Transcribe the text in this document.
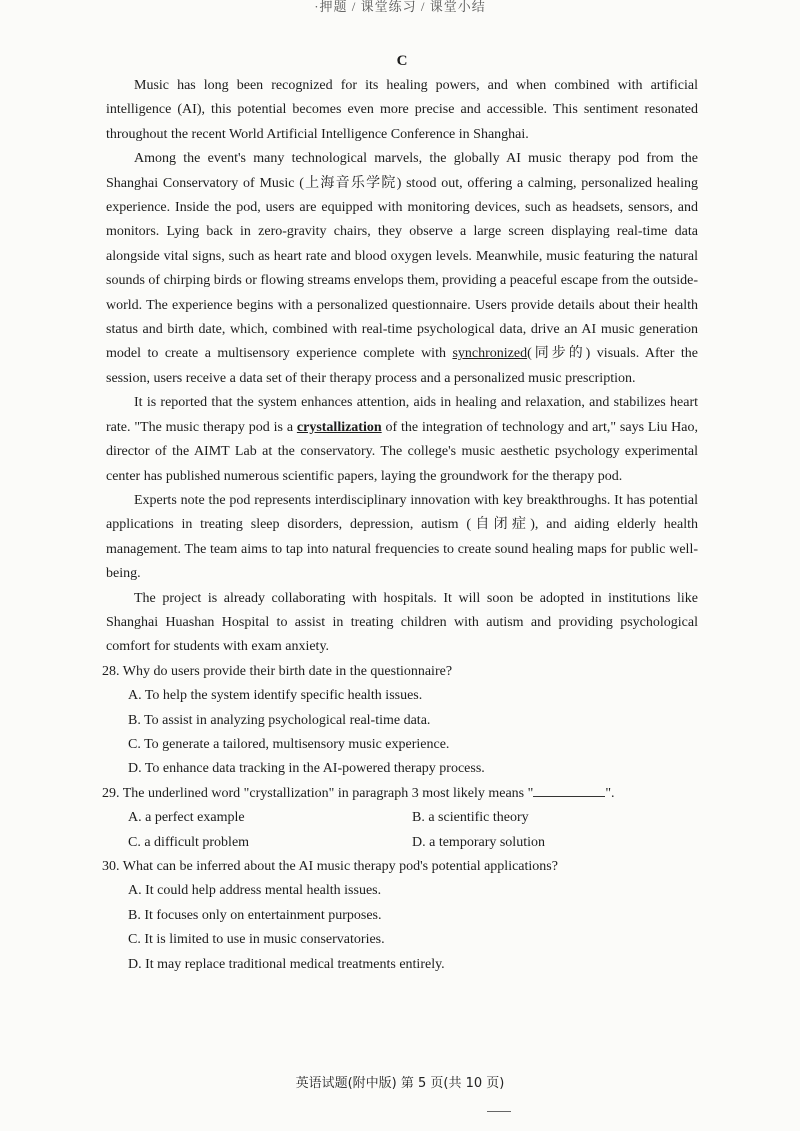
·押题 / 课堂练习 / 课堂小结
C

Music has long been recognized for its healing powers, and when combined with artificial intelligence (AI), this potential becomes even more precise and accessible. This sentiment resonated throughout the recent World Artificial Intelligence Conference in Shanghai.

Among the event's many technological marvels, the globally AI music therapy pod from the Shanghai Conservatory of Music (上海音乐学院) stood out, offering a calming, personalized healing experience. Inside the pod, users are equipped with monitoring devices, such as headsets, sensors, and monitors. Lying back in zero-gravity chairs, they observe a large screen displaying real-time data alongside vital signs, such as heart rate and blood oxygen levels. Meanwhile, music featuring the natural sounds of chirping birds or flowing streams envelops them, providing a peaceful escape from the outside-world. The experience begins with a personalized questionnaire. Users provide details about their health status and birth date, which, combined with real-time psychological data, drive an AI music generation model to create a multisensory experience complete with synchronized(同步的) visuals. After the session, users receive a data set of their therapy process and a personalized music prescription.

It is reported that the system enhances attention, aids in healing and relaxation, and stabilizes heart rate. "The music therapy pod is a crystallization of the integration of technology and art," says Liu Hao, director of the AIMT Lab at the conservatory. The college's music aesthetic psychology experimental center has published numerous scientific papers, laying the groundwork for the therapy pod.

Experts note the pod represents interdisciplinary innovation with key breakthroughs. It has potential applications in treating sleep disorders, depression, autism (自闭症), and aiding elderly health management. The team aims to tap into natural frequencies to create sound healing maps for public well-being.

The project is already collaborating with hospitals. It will soon be adopted in institutions like Shanghai Huashan Hospital to assist in treating children with autism and providing psychological comfort for students with exam anxiety.

28. Why do users provide their birth date in the questionnaire?

A. To help the system identify specific health issues.

B. To assist in analyzing psychological real-time data.

C. To generate a tailored, multisensory music experience.

D. To enhance data tracking in the AI-powered therapy process.

29. The underlined word "crystallization" in paragraph 3 most likely means "	".

A. a perfect example	B. a scientific theory
C. a difficult problem	D. a temporary solution

30. What can be inferred about the AI music therapy pod's potential applications?

A. It could help address mental health issues.

B. It focuses only on entertainment purposes.

C. It is limited to use in music conservatories.

D. It may replace traditional medical treatments entirely.

英语试题(附中版) 第 5 页(共 10 页)
